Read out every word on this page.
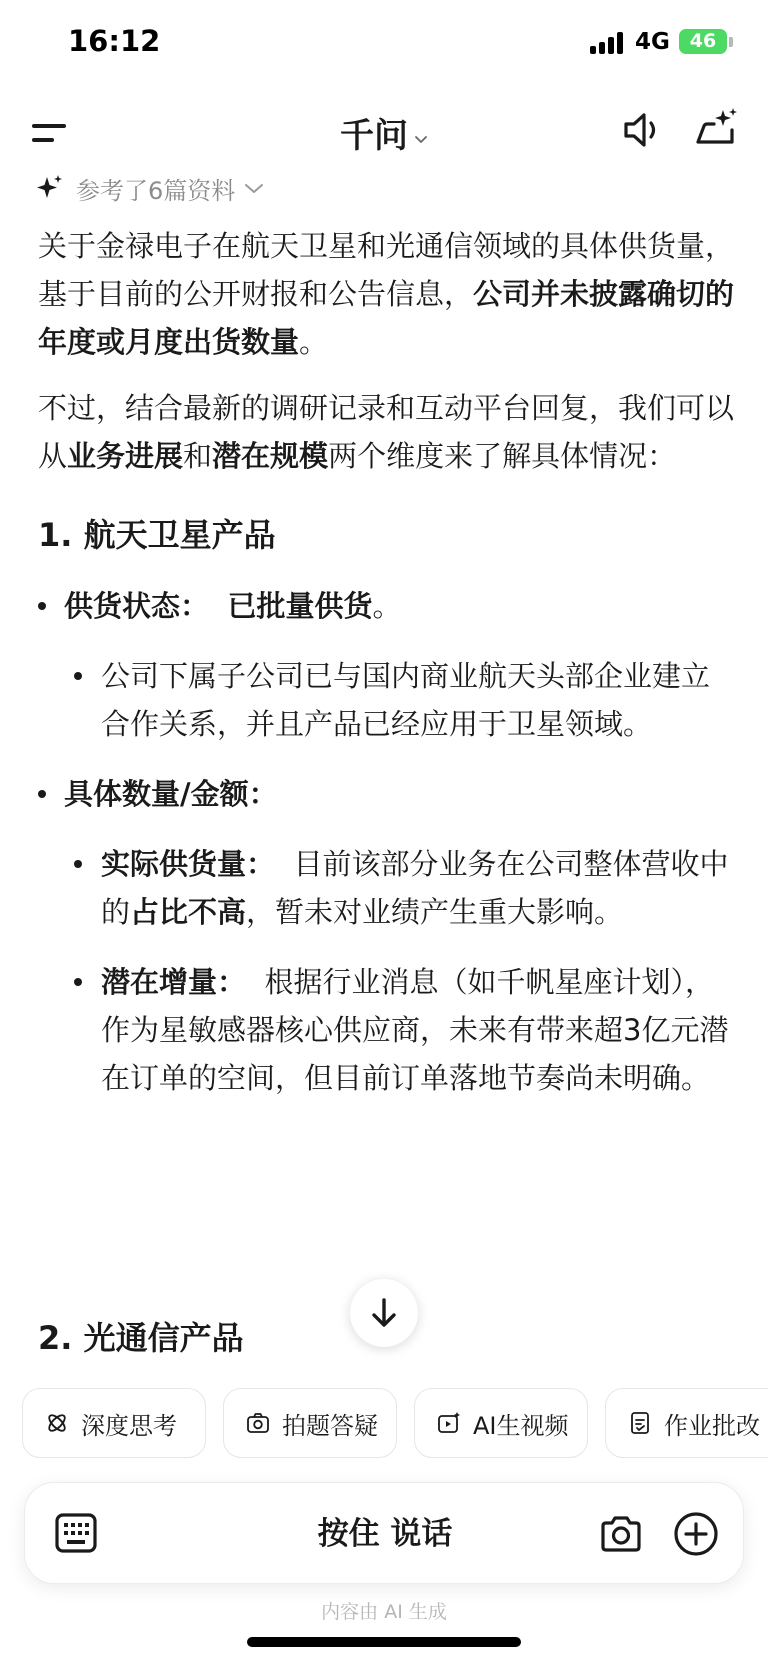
16:12	4G	46
千问
参考了6篇资料

关于金禄电子在航天卫星和光通信领域的具体供货量，基于目前的公开财报和公告信息，公司并未披露确切的年度或月度出货数量。

不过，结合最新的调研记录和互动平台回复，我们可以从业务进展和潜在规模两个维度来了解具体情况：

1. 航天卫星产品
供货状态： 已批量供货。
公司下属子公司已与国内商业航天头部企业建立合作关系，并且产品已经应用于卫星领域。
具体数量/金额：
实际供货量： 目前该部分业务在公司整体营收中的占比不高，暂未对业绩产生重大影响。
潜在增量： 根据行业消息（如千帆星座计划），作为星敏感器核心供应商，未来有带来超3亿元潜在订单的空间，但目前订单落地节奏尚未明确。
2. 光通信产品
深度思考	拍题答疑	AI生视频	作业批改
按住 说话
内容由 AI 生成
